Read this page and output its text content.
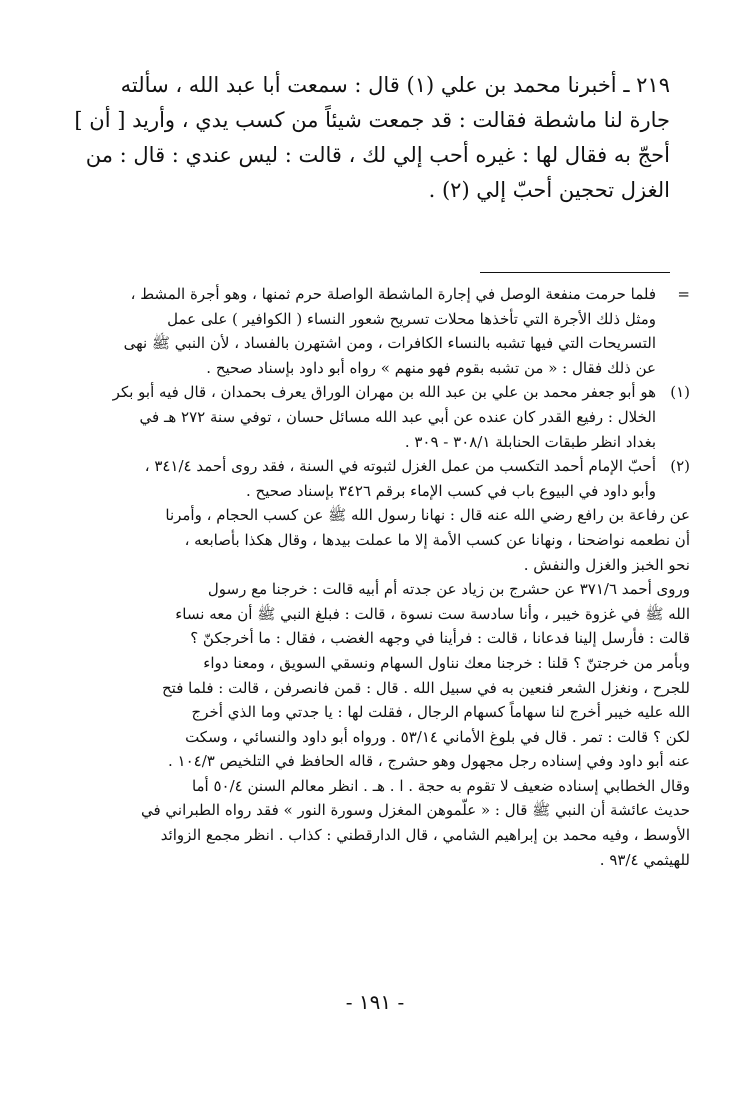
٢١٩ ـ أخبرنا محمد بن علي (١) قال : سمعت أبا عبد الله ، سألته
جارة لنا ماشطة فقالت : قد جمعت شيئاً من كسب يدي ، وأريد [ أن ]
أحجّ به فقال لها : غيره أحب إلي لك ، قالت : ليس عندي : قال : من
الغزل تحجين أحبّ إلي (٢) .
=
فلما حرمت منفعة الوصل في إجارة الماشطة الواصلة حرم ثمنها ، وهو أجرة المشط ،
ومثل ذلك الأجرة التي تأخذها محلات تسريح شعور النساء ( الكوافير ) على عمل
التسريحات التي فيها تشبه بالنساء الكافرات ، ومن اشتهرن بالفساد ، لأن النبي ﷺ نهى
عن ذلك فقال : « من تشبه بقوم فهو منهم » رواه أبو داود بإسناد صحيح .
(١)
هو أبو جعفر محمد بن علي بن عبد الله بن مهران الوراق يعرف بحمدان ، قال فيه أبو بكر
الخلال : رفيع القدر كان عنده عن أبي عبد الله مسائل حسان ، توفي سنة ٢٧٢ هـ في
بغداد انظر طبقات الحنابلة ٣٠٨/١ - ٣٠٩ .
(٢)
أحبّ الإمام أحمد التكسب من عمل الغزل لثبوته في السنة ، فقد روى أحمد ٣٤١/٤ ،
وأبو داود في البيوع باب في كسب الإماء برقم ٣٤٢٦ بإسناد صحيح .
عن رفاعة بن رافع رضي الله عنه قال : نهانا رسول الله ﷺ عن كسب الحجام ، وأمرنا
أن نطعمه نواضحنا ، ونهانا عن كسب الأمة إلا ما عملت بيدها ، وقال هكذا بأصابعه ،
نحو الخبز والغزل والنفش .
وروى أحمد ٣٧١/٦ عن حشرج بن زياد عن جدته أم أبيه قالت : خرجنا مع رسول
الله ﷺ في غزوة خيبر ، وأنا سادسة ست نسوة ، قالت : فبلغ النبي ﷺ أن معه نساء
قالت : فأرسل إلينا فدعانا ، قالت : فرأينا في وجهه الغضب ، فقال : ما أخرجكنّ ؟
وبأمر من خرجتنّ ؟ قلنا : خرجنا معك نناول السهام ونسقي السويق ، ومعنا دواء
للجرح ، ونغزل الشعر فنعين به في سبيل الله . قال : قمن فانصرفن ، قالت : فلما فتح
الله عليه خيبر أخرج لنا سهاماً كسهام الرجال ، فقلت لها : يا جدتي وما الذي أخرج
لكن ؟ قالت : تمر . قال في بلوغ الأماني ٥٣/١٤ . ورواه أبو داود والنسائي ، وسكت
عنه أبو داود وفي إسناده رجل مجهول وهو حشرج ، قاله الحافظ في التلخيص ١٠٤/٣ .
وقال الخطابي إسناده ضعيف لا تقوم به حجة . ا . هـ . انظر معالم السنن ٥٠/٤ أما
حديث عائشة أن النبي ﷺ قال : « علّموهن المغزل وسورة النور » فقد رواه الطبراني في
الأوسط ، وفيه محمد بن إبراهيم الشامي ، قال الدارقطني : كذاب . انظر مجمع الزوائد
للهيثمي ٩٣/٤ .
- ١٩١ -
